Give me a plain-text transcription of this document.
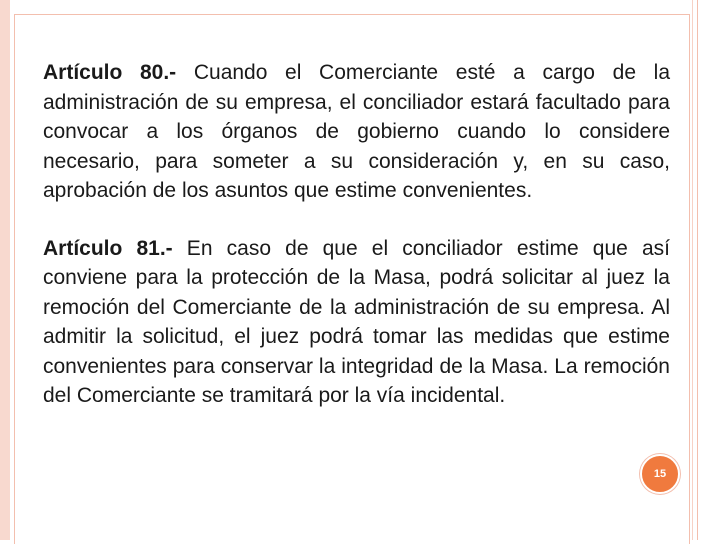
Artículo 80.- Cuando el Comerciante esté a cargo de la administración de su empresa, el conciliador estará facultado para convocar a los órganos de gobierno cuando lo considere necesario, para someter a su consideración y, en su caso, aprobación de los asuntos que estime convenientes.

Artículo 81.- En caso de que el conciliador estime que así conviene para la protección de la Masa, podrá solicitar al juez la remoción del Comerciante de la administración de su empresa. Al admitir la solicitud, el juez podrá tomar las medidas que estime convenientes para conservar la integridad de la Masa. La remoción del Comerciante se tramitará por la vía incidental.

15
